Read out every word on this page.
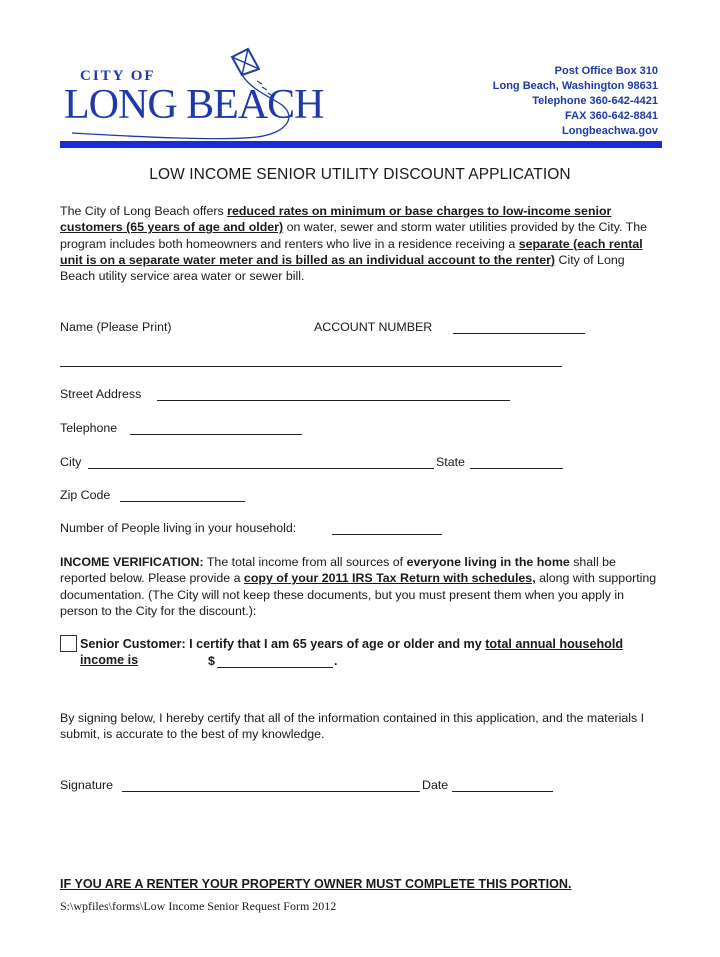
CITY OF
LONG BEACH
Post Office Box 310
Long Beach, Washington 98631
Telephone 360-642-4421
FAX 360-642-8841
Longbeachwa.gov
LOW INCOME SENIOR UTILITY DISCOUNT APPLICATION
The City of Long Beach offers reduced rates on minimum or base charges to low-income senior customers (65 years of age and older) on water, sewer and storm water utilities provided by the City. The program includes both homeowners and renters who live in a residence receiving a separate (each rental unit is on a separate water meter and is billed as an individual account to the renter) City of Long Beach utility service area water or sewer bill.
Name (Please Print)	ACCOUNT NUMBER
Street Address
Telephone
City	State
Zip Code
Number of People living in your household:
INCOME VERIFICATION: The total income from all sources of everyone living in the home shall be reported below. Please provide a copy of your 2011 IRS Tax Return with schedules, along with supporting documentation. (The City will not keep these documents, but you must present them when you apply in person to the City for the discount.):
Senior Customer: I certify that I am 65 years of age or older and my total annual household income is	$	.
By signing below, I hereby certify that all of the information contained in this application, and the materials I submit, is accurate to the best of my knowledge.
Signature	Date
IF YOU ARE A RENTER YOUR PROPERTY OWNER MUST COMPLETE THIS PORTION.
S:\wpfiles\forms\Low Income Senior Request Form 2012
